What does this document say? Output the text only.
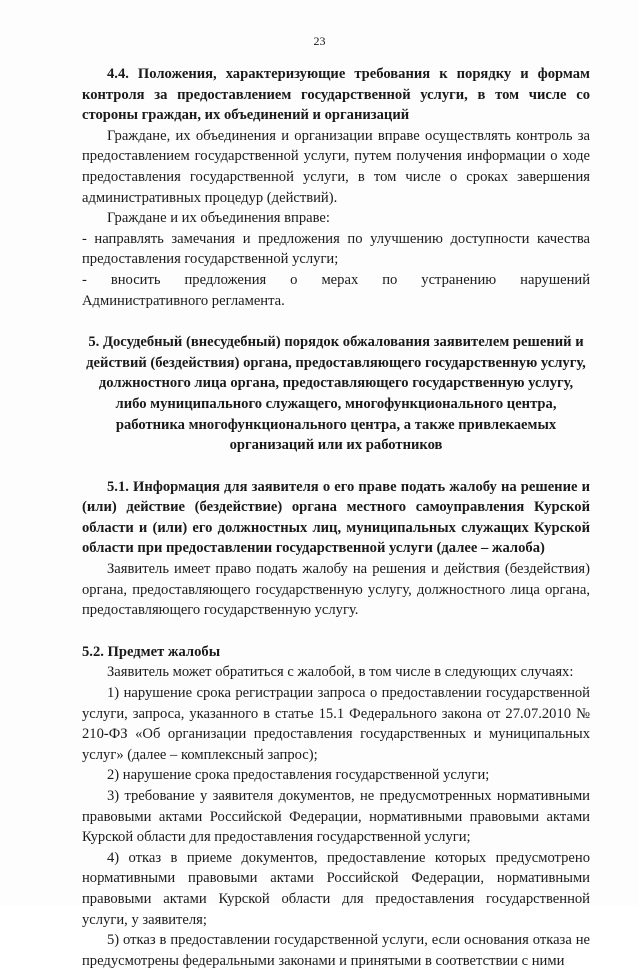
23

4.4. Положения, характеризующие требования к порядку и формам контроля за предоставлением государственной услуги, в том числе со стороны граждан, их объединений и организаций

Граждане, их объединения и организации вправе осуществлять контроль за предоставлением государственной услуги, путем получения информации о ходе предоставления государственной услуги, в том числе о сроках завершения административных процедур (действий).

Граждане и их объединения вправе:

- направлять замечания и предложения по улучшению доступности качества предоставления государственной услуги;

- вносить предложения о мерах по устранению нарушений

Административного регламента.

5. Досудебный (внесудебный) порядок обжалования заявителем решений и действий (бездействия) органа, предоставляющего государственную услугу, должностного лица органа, предоставляющего государственную услугу, либо муниципального служащего, многофункционального центра, работника многофункционального центра, а также привлекаемых организаций или их работников

5.1. Информация для заявителя о его праве подать жалобу на решение и (или) действие (бездействие) органа местного самоуправления Курской области и (или) его должностных лиц, муниципальных служащих Курской области при предоставлении государственной услуги (далее – жалоба)

Заявитель имеет право подать жалобу на решения и действия (бездействия) органа, предоставляющего государственную услугу, должностного лица органа, предоставляющего государственную услугу.

5.2. Предмет жалобы

Заявитель может обратиться с жалобой, в том числе в следующих случаях:

1) нарушение срока регистрации запроса о предоставлении государственной услуги, запроса, указанного в статье 15.1 Федерального закона от 27.07.2010 № 210-ФЗ «Об организации предоставления государственных и муниципальных услуг» (далее – комплексный запрос);

2) нарушение срока предоставления государственной услуги;

3) требование у заявителя документов, не предусмотренных нормативными правовыми актами Российской Федерации, нормативными правовыми актами Курской области для предоставления государственной услуги;

4) отказ в приеме документов, предоставление которых предусмотрено нормативными правовыми актами Российской Федерации, нормативными правовыми актами Курской области для предоставления государственной услуги, у заявителя;

5) отказ в предоставлении государственной услуги, если основания отказа не предусмотрены федеральными законами и принятыми в соответствии с ними
